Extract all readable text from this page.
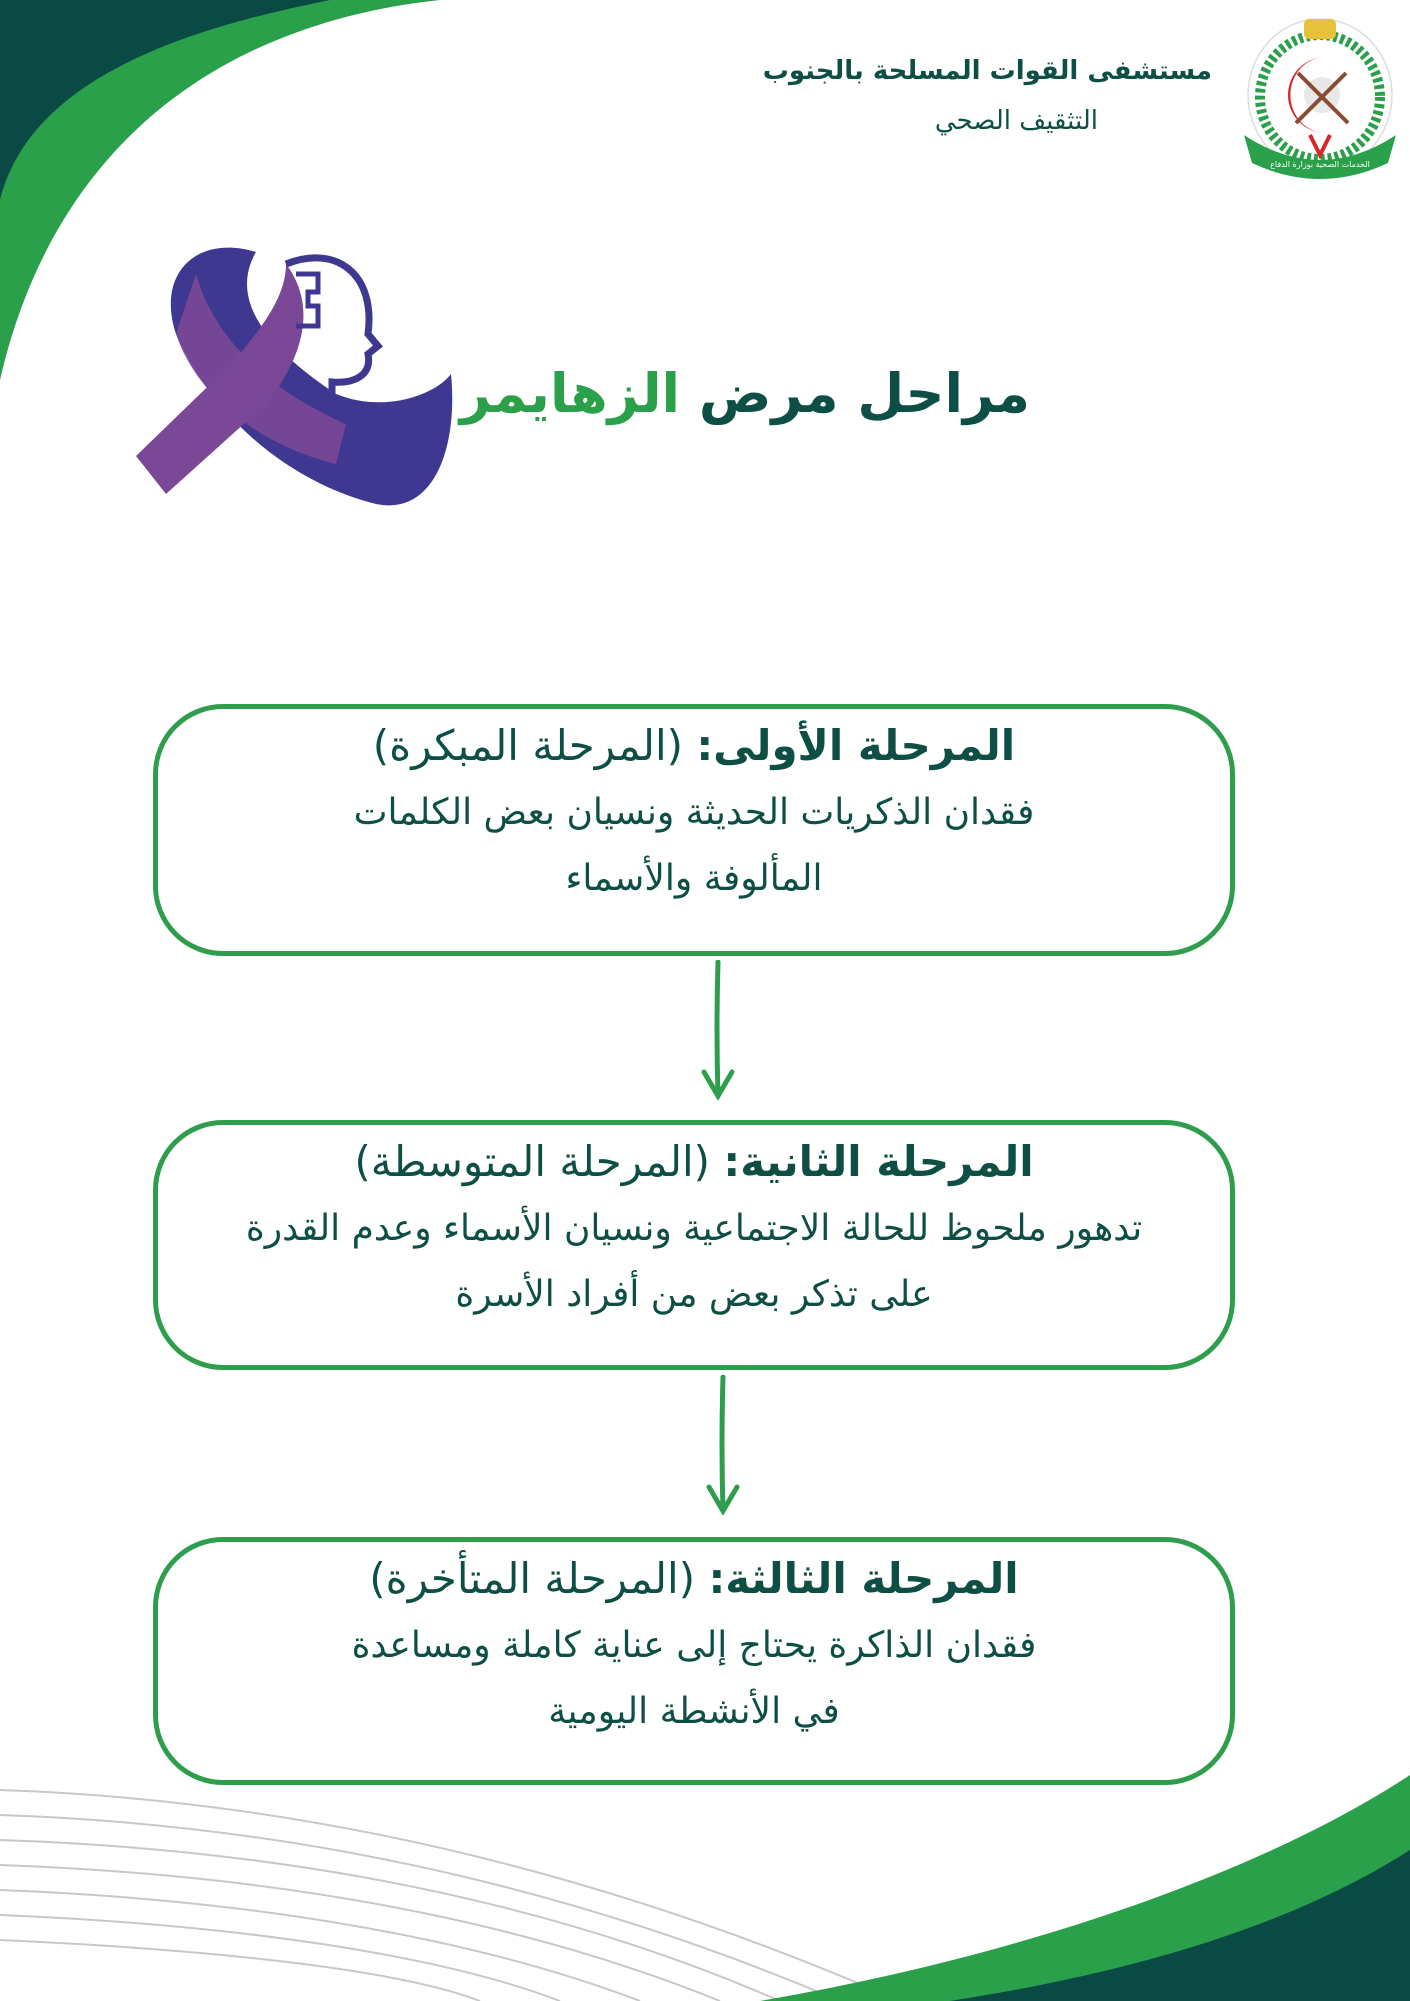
مستشفى القوات المسلحة بالجنوب
التثقيف الصحي
الخدمات الصحية بوزارة الدفاع
مراحل مرض الزهايمر
المرحلة الأولى: (المرحلة المبكرة)

فقدان الذكريات الحديثة ونسيان بعض الكلمات
المألوفة والأسماء

المرحلة الثانية: (المرحلة المتوسطة)

تدهور ملحوظ للحالة الاجتماعية ونسيان الأسماء وعدم القدرة
على تذكر بعض من أفراد الأسرة

المرحلة الثالثة: (المرحلة المتأخرة)

فقدان الذاكرة يحتاج إلى عناية كاملة ومساعدة
في الأنشطة اليومية
